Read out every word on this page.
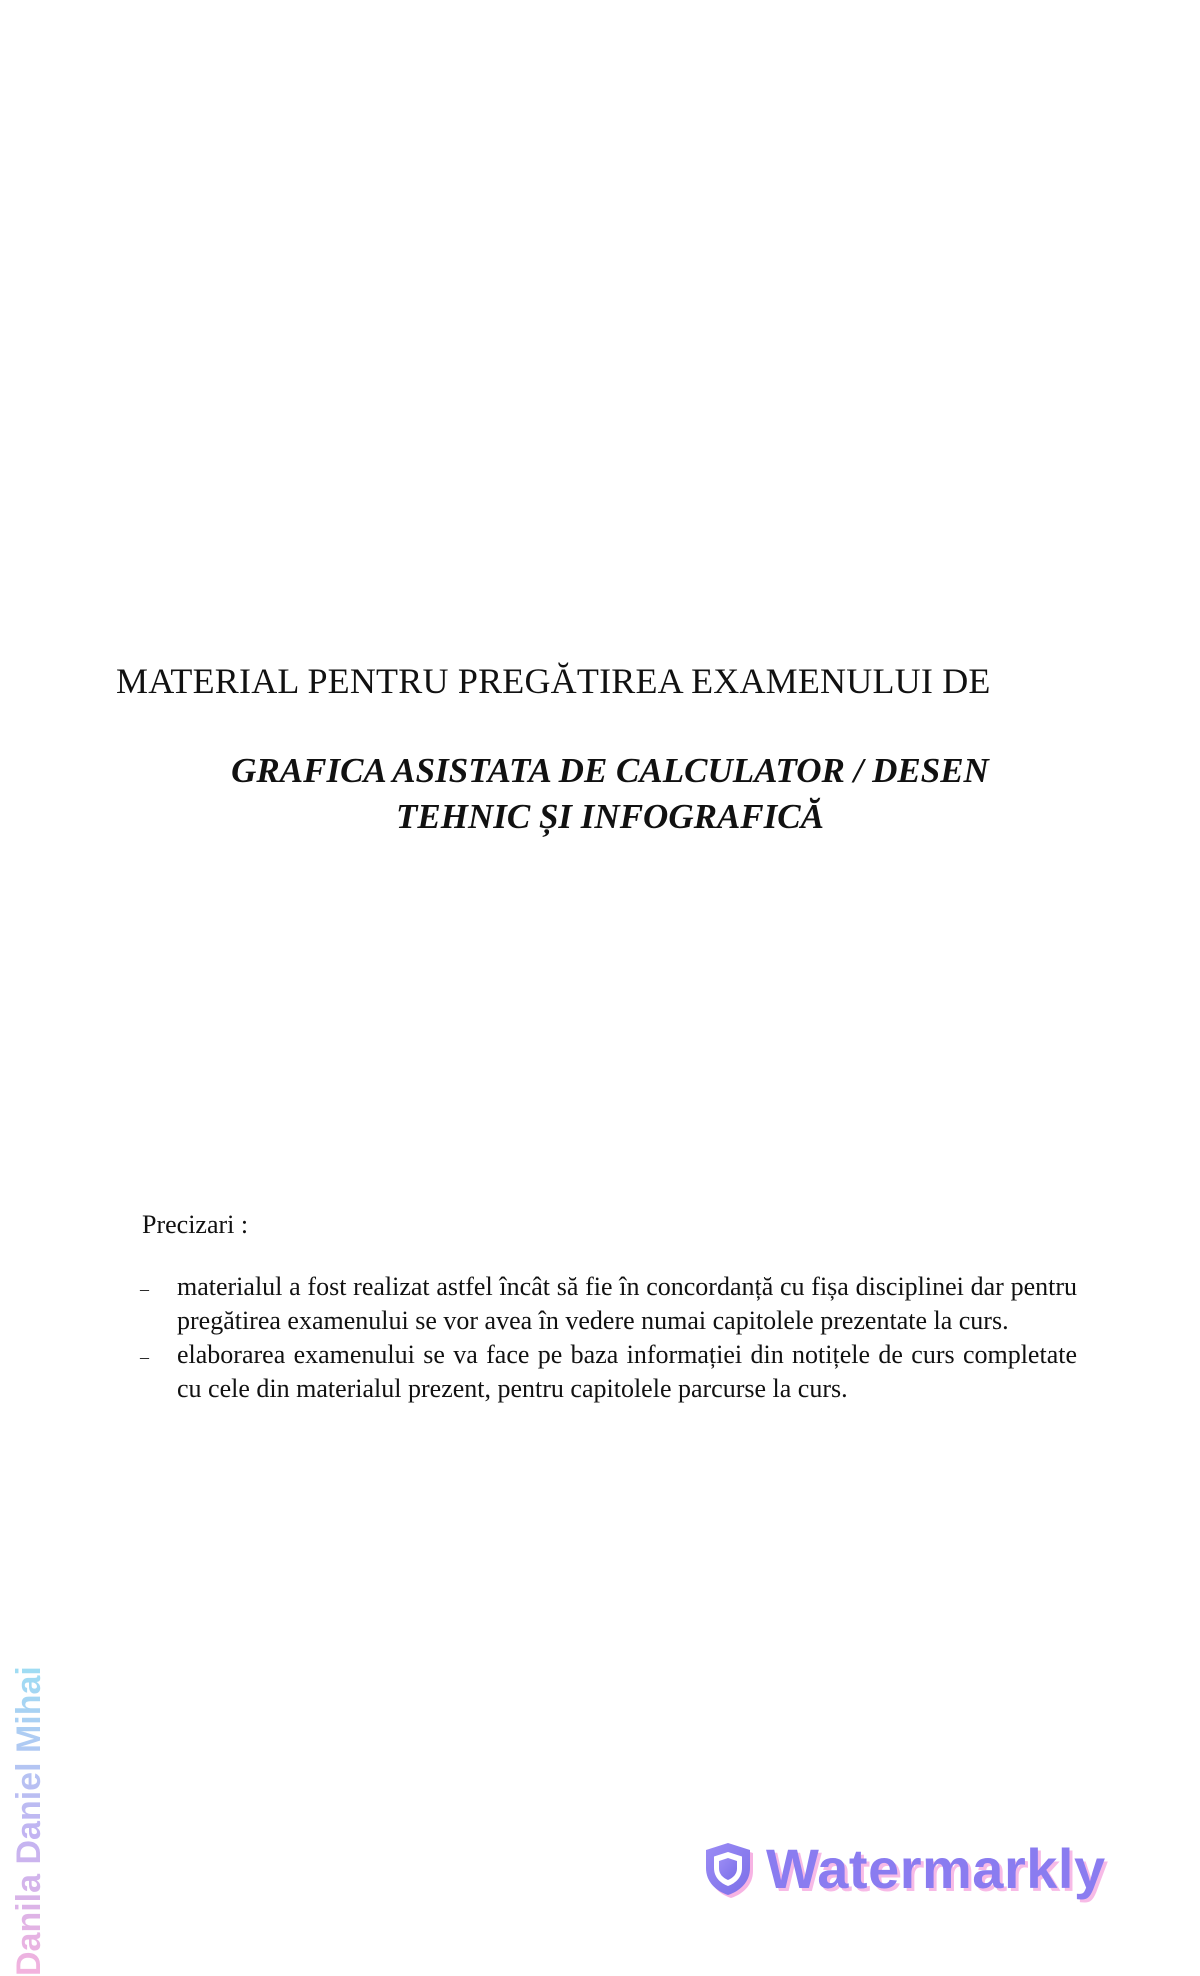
MATERIAL PENTRU PREGĂTIREA EXAMENULUI DE
GRAFICA ASISTATA DE CALCULATOR / DESEN
TEHNIC ȘI INFOGRAFICĂ
Precizari :
– materialul a fost realizat astfel încât să fie în concordanță cu fișa disciplinei dar pentru pregătirea examenului se vor avea în vedere numai capitolele prezentate la curs.
– elaborarea examenului se va face pe baza informației din notițele de curs completate cu cele din materialul prezent, pentru capitolele parcurse la curs.
Danila Daniel Mihai	Watermarkly
